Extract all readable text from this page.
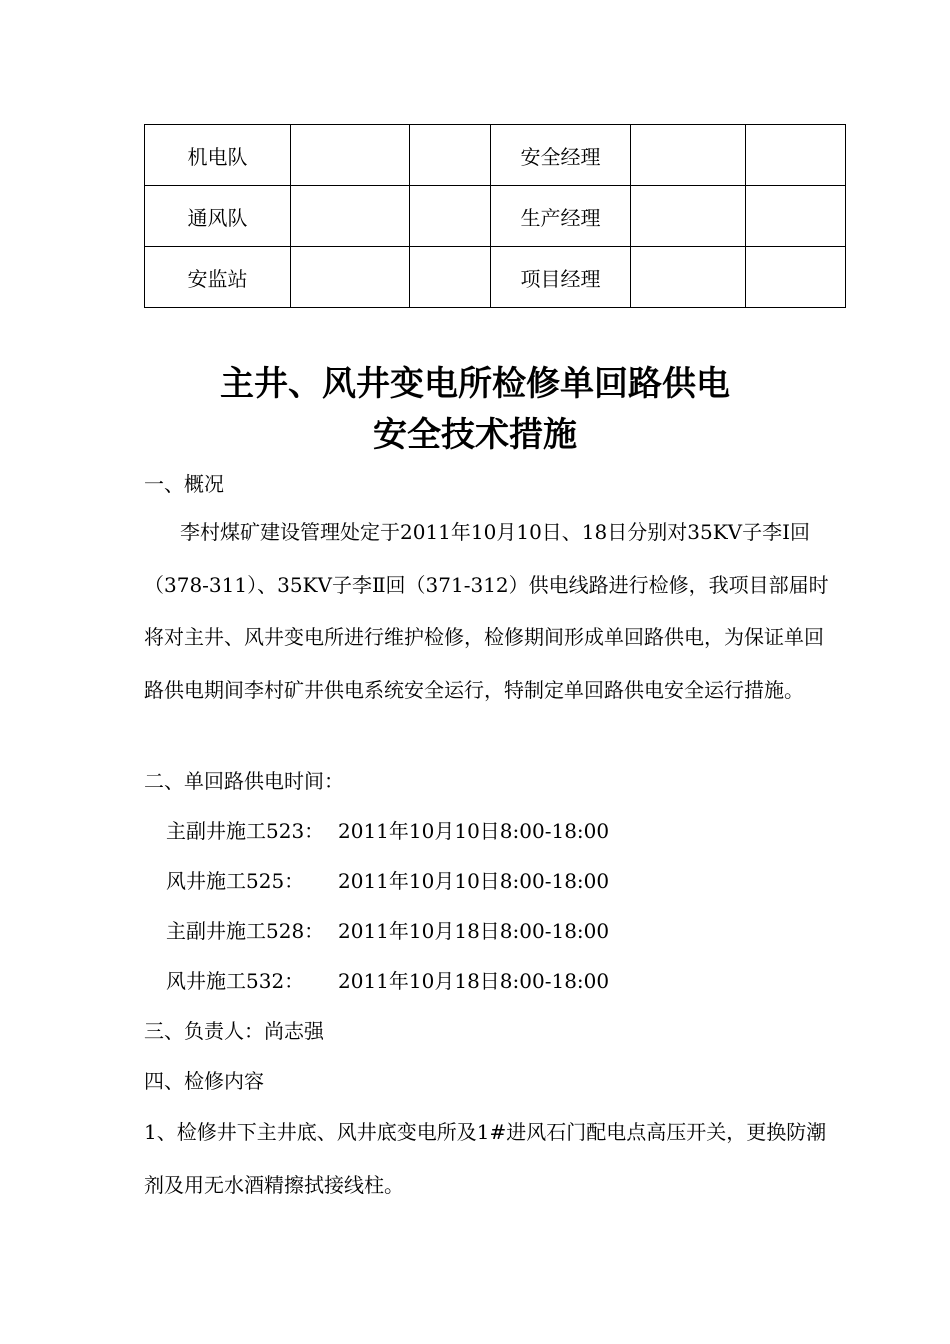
机电队			安全经理		
通风队			生产经理		
安监站			项目经理		
主井、风井变电所检修单回路供电
安全技术措施
一、概况

李村煤矿建设管理处定于2011年10月10日、18日分别对35KV子李Ⅰ回（378-311）、35KV子李Ⅱ回（371-312）供电线路进行检修，我项目部届时将对主井、风井变电所进行维护检修，检修期间形成单回路供电，为保证单回路供电期间李村矿井供电系统安全运行，特制定单回路供电安全运行措施。

二、单回路供电时间：
主副井施工523： 2011年10月10日8:00-18:00
风井施工525： 2011年10月10日8:00-18:00
主副井施工528： 2011年10月18日8:00-18:00
风井施工532： 2011年10月18日8:00-18:00
三、负责人：尚志强
四、检修内容

1、检修井下主井底、风井底变电所及1#进风石门配电点高压开关，更换防潮剂及用无水酒精擦拭接线柱。
